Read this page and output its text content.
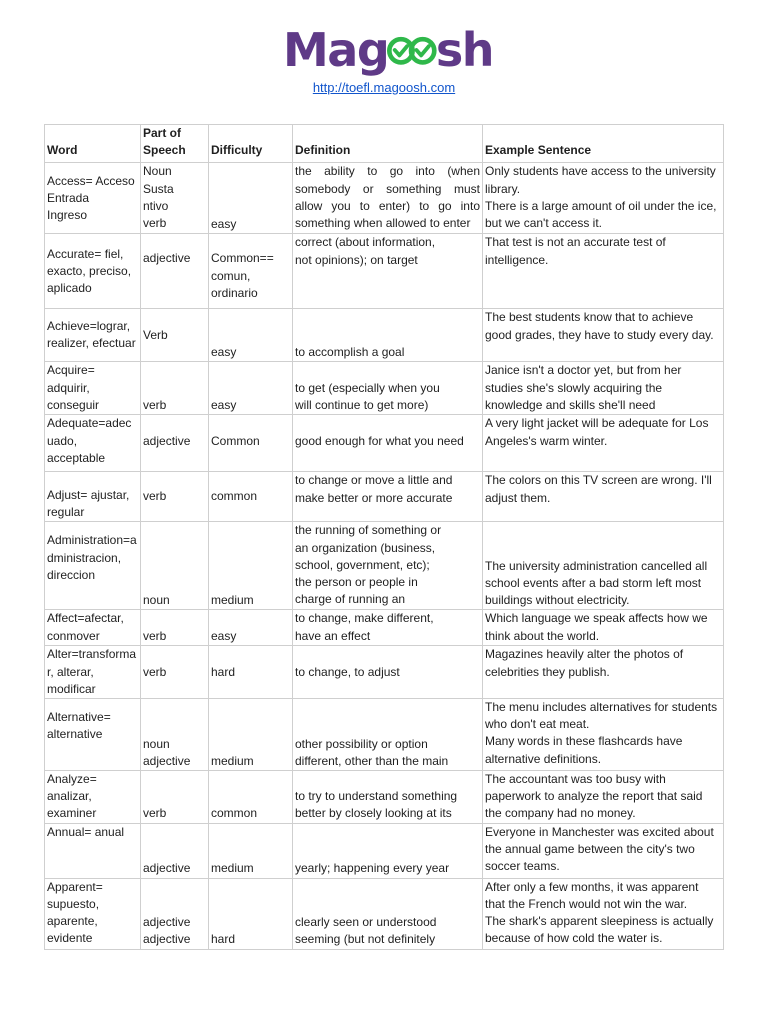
Mag sh
http://toefl.magoosh.com
Word	Part of
Speech	Difficulty	Definition	Example Sentence

Access= Acceso
Entrada
Ingreso	Noun
Susta
ntivo
verb	easy	the ability to go into (when somebody or something must allow you to enter) to go into something when allowed to enter	Only students have access to the university library.
There is a large amount of oil under the ice, but we can't access it.

Accurate= fiel, exacto, preciso, aplicado	adjective	Common==
comun,
ordinario	correct (about information,
not opinions); on target	That test is not an accurate test of intelligence.

Achieve=lograr, realizer, efectuar	Verb	easy	to accomplish a goal	The best students know that to achieve good grades, they have to study every day.

Acquire=
adquirir,
conseguir	verb	easy	to get (especially when you
will continue to get more)	Janice isn't a doctor yet, but from her studies she's slowly acquiring the knowledge and skills she'll need

Adequate=adecuado, acceptable	adjective	Common	good enough for what you need	A very light jacket will be adequate for Los Angeles's warm winter.

Adjust= ajustar, regular	verb	common	to change or move a little and make better or more accurate	The colors on this TV screen are wrong. I'll adjust them.

Administration=administracion, direccion	noun	medium	the running of something or
an organization (business,
school, government, etc);
the person or people in
charge of running an	The university administration cancelled all school events after a bad storm left most buildings without electricity.

Affect=afectar, conmover	verb	easy	to change, make different,
have an effect	Which language we speak affects how we think about the world.

Alter=transformar, alterar, modificar	verb	hard	to change, to adjust	Magazines heavily alter the photos of celebrities they publish.

Alternative=
alternative	noun
adjective	medium	other possibility or option
different, other than the main	The menu includes alternatives for students who don't eat meat.
Many words in these flashcards have alternative definitions.

Analyze=
analizar,
examiner	verb	common	to try to understand something
better by closely looking at its	The accountant was too busy with paperwork to analyze the report that said the company had no money.

Annual= anual	adjective	medium	yearly; happening every year	Everyone in Manchester was excited about the annual game between the city's two soccer teams.

Apparent=
supuesto,
aparente,
evidente	adjective
adjective	hard	clearly seen or understood
seeming (but not definitely	After only a few months, it was apparent that the French would not win the war.
The shark's apparent sleepiness is actually because of how cold the water is.
